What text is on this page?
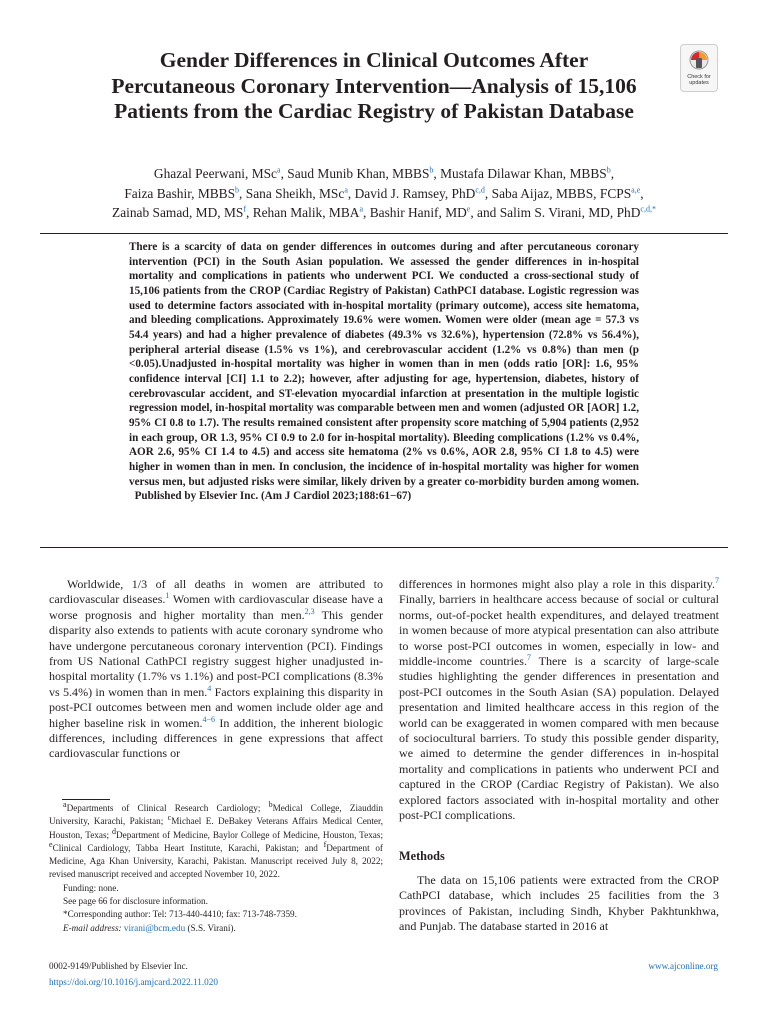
Gender Differences in Clinical Outcomes After Percutaneous Coronary Intervention—Analysis of 15,106 Patients from the Cardiac Registry of Pakistan Database
Check for
updates
Ghazal Peerwani, MSc$^a$, Saud Munib Khan, MBBS$^b$, Mustafa Dilawar Khan, MBBS$^b$,
Faiza Bashir, MBBS$^b$, Sana Sheikh, MSc$^a$, David J. Ramsey, PhD$^{c,d}$, Saba Aijaz, MBBS, FCPS$^{a,e}$,
Zainab Samad, MD, $MS^f$, Rehan Malik, MBA$^a$, Bashir Hanif, MDe, and Salim S. Virani, MD, PhD$^{c,d,*}$
There is a scarcity of data on gender differences in outcomes during and after percutaneous coronary intervention (PCI) in the South Asian population. We assessed the gender differences in in-hospital mortality and complications in patients who underwent PCI. We conducted a cross-sectional study of 15,106 patients from the CROP (Cardiac Registry of Pakistan) CathPCI database. Logistic regression was used to determine factors associated with in-hospital mortality (primary outcome), access site hematoma, and bleeding complications. Approximately 19.6% were women. Women were older (mean age = 57.3 vs 54.4 years) and had a higher prevalence of diabetes (49.3% vs 32.6%), hypertension (72.8% vs 56.4%), peripheral arterial disease (1.5% vs 1%), and cerebrovascular accident (1.2% vs 0.8%) than men (p <0.05).Unadjusted in-hospital mortality was higher in women than in men (odds ratio [OR]: 1.6, 95% confidence interval [CI] 1.1 to 2.2); however, after adjusting for age, hypertension, diabetes, history of cerebrovascular accident, and ST-elevation myocardial infarction at presentation in the multiple logistic regression model, in-hospital mortality was comparable between men and women (adjusted OR [AOR] 1.2, 95% CI 0.8 to 1.7). The results remained consistent after propensity score matching of 5,904 patients (2,952 in each group, OR 1.3, 95% CI 0.9 to 2.0 for in-hospital mortality). Bleeding complications (1.2% vs 0.4%, AOR 2.6, 95% CI 1.4 to 4.5) and access site hematoma (2% vs 0.6%, AOR 2.8, 95% CI 1.8 to 4.5) were higher in women than in men. In conclusion, the incidence of in-hospital mortality was higher for women versus men, but adjusted risks were similar, likely driven by a greater co-morbidity burden among women.   Published by Elsevier Inc. (Am J Cardiol 2023;188:61−67)

Worldwide, 1/3 of all deaths in women are attributed to cardiovascular diseases.$^1$ Women with cardiovascular disease have a worse prognosis and higher mortality than men.$^{2,3}$ This gender disparity also extends to patients with acute coronary syndrome who have undergone percutaneous coronary intervention (PCI). Findings from US National CathPCI registry suggest higher unadjusted in-hospital mortality (1.7% vs 1.1%) and post-PCI complications (8.3% vs 5.4%) in women than in men.$^4$ Factors explaining this disparity in post-PCI outcomes between men and women include older age and higher baseline risk in women.$^{4-6}$ In addition, the inherent biologic differences, including differences in gene expressions that affect cardiovascular functions or

differences in hormones might also play a role in this disparity.$^7$ Finally, barriers in healthcare access because of social or cultural norms, out-of-pocket health expenditures, and delayed treatment in women because of more atypical presentation can also attribute to worse post-PCI outcomes in women, especially in low- and middle-income countries.$^7$ There is a scarcity of large-scale studies highlighting the gender differences in presentation and post-PCI outcomes in the South Asian (SA) population. Delayed presentation and limited healthcare access in this region of the world can be exaggerated in women compared with men because of sociocultural barriers. To study this possible gender disparity, we aimed to determine the gender differences in in-hospital mortality and complications in patients who underwent PCI and captured in the CROP (Cardiac Registry of Pakistan). We also explored factors associated with in-hospital mortality and other post-PCI complications.

Methods

The data on 15,106 patients were extracted from the CROP CathPCI database, which includes 25 facilities from the 3 provinces of Pakistan, including Sindh, Khyber Pakhtunkhwa, and Punjab. The database started in 2016 at

$^a$Departments of Clinical Research Cardiology; $^b$Medical College, Ziauddin University, Karachi, Pakistan; $^c$Michael E. DeBakey Veterans Affairs Medical Center, Houston, Texas; $^d$Department of Medicine, Baylor College of Medicine, Houston, Texas; $^e$Clinical Cardiology, Tabba Heart Institute, Karachi, Pakistan; and $^f$Department of Medicine, Aga Khan University, Karachi, Pakistan. Manuscript received July 8, 2022; revised manuscript received and accepted November 10, 2022.

Funding: none.

See page 66 for disclosure information.

*Corresponding author: Tel: 713-440-4410; fax: 713-748-7359.

E-mail address: virani@bcm.edu (S.S. Virani).

0002-9149/Published by Elsevier Inc.
https://doi.org/10.1016/j.amjcard.2022.11.020
www.ajconline.org
